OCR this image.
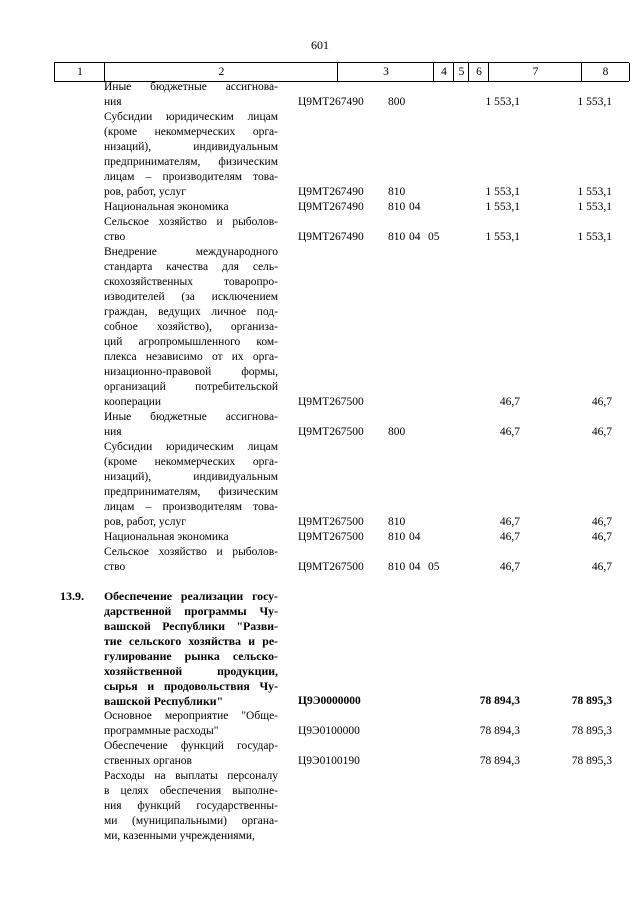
601
1	2	3	4	5	6	7	8
Иные бюджетные ассигнова-
ния	Ц9МТ267490 800	1 553,1	1 553,1
Субсидии юридическим лицам
(кроме некоммерческих орга-
низаций), индивидуальным
предпринимателям, физическим
лицам – производителям това-
ров, работ, услуг	Ц9МТ267490 810	1 553,1	1 553,1
Национальная экономика	Ц9МТ267490 810 04	1 553,1	1 553,1
Сельское хозяйство и рыболов-
ство	Ц9МТ267490 810 04 05	1 553,1	1 553,1
Внедрение международного
стандарта качества для сель-
скохозяйственных товаропро-
изводителей (за исключением
граждан, ведущих личное под-
собное хозяйство), организа-
ций агропромышленного ком-
плекса независимо от их орга-
низационно-правовой формы,
организаций потребительской
кооперации	Ц9МТ267500	46,7	46,7
Иные бюджетные ассигнова-
ния	Ц9МТ267500 800	46,7	46,7
Субсидии юридическим лицам
(кроме некоммерческих орга-
низаций), индивидуальным
предпринимателям, физическим
лицам – производителям това-
ров, работ, услуг	Ц9МТ267500 810	46,7	46,7
Национальная экономика	Ц9МТ267500 810 04	46,7	46,7
Сельское хозяйство и рыболов-
ство	Ц9МТ267500 810 04 05	46,7	46,7
13.9.	Обеспечение реализации госу-
дарственной программы Чу-
вашской Республики "Разви-
тие сельского хозяйства и ре-
гулирование рынка сельско-
хозяйственной продукции,
сырья и продовольствия Чу-
вашской Республики"	Ц9Э0000000	78 894,3	78 895,3
Основное мероприятие "Обще-
программные расходы"	Ц9Э0100000	78 894,3	78 895,3
Обеспечение функций государ-
ственных органов	Ц9Э0100190	78 894,3	78 895,3
Расходы на выплаты персоналу
в целях обеспечения выполне-
ния функций государственны-
ми (муниципальными) органа-
ми, казенными учреждениями,
